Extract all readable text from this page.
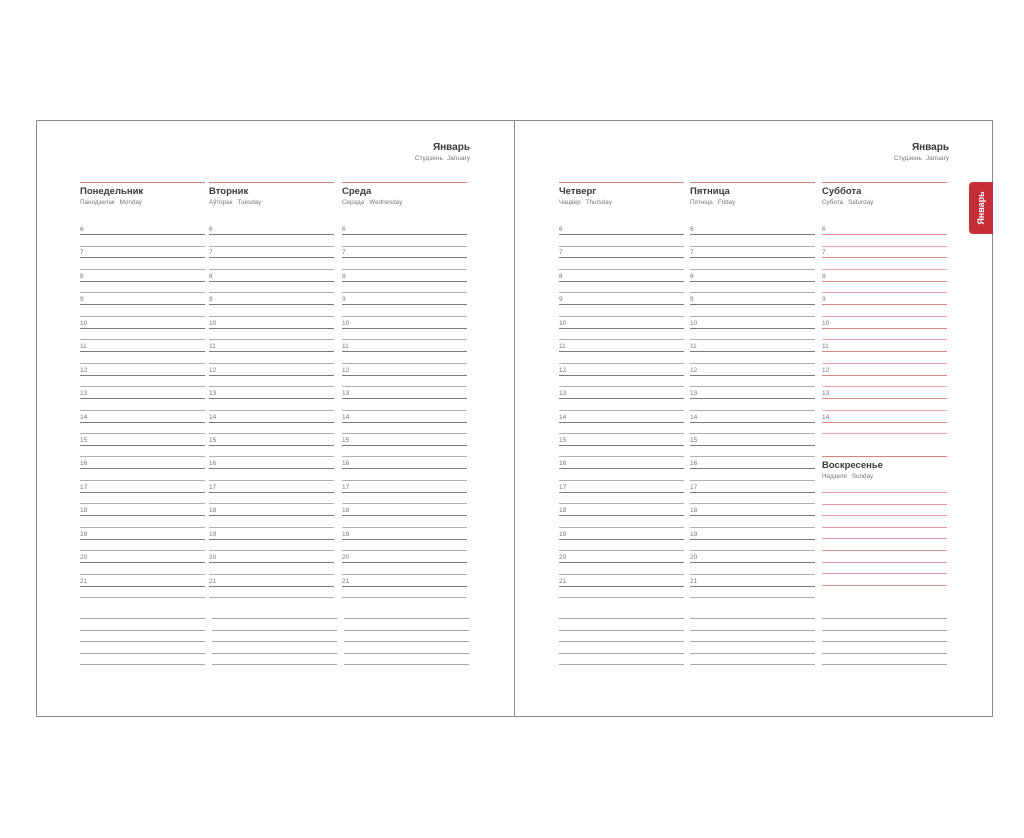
Январь
Студзень January
Понедельник
Панядзелак Monday
6
7
8
9
10
11
12
13
14
15
16
17
18
19
20
21
Вторник
Аўторак Tuesday
6
7
8
9
10
11
12
13
14
15
16
17
18
19
20
21
Среда
Серада Wednesday
6
7
8
9
10
11
12
13
14
15
16
17
18
19
20
21
Январь
Студзень January
Четверг
Чацвер Thursday
6
7
8
9
10
11
12
13
14
15
16
17
18
19
20
21
Пятница
Пятніца Friday
6
7
8
9
10
11
12
13
14
15
16
17
18
19
20
21
Суббота
Субота Saturday
6
7
8
9
10
11
12
13
14
Воскресенье
Нядзеля Sunday
Январь
